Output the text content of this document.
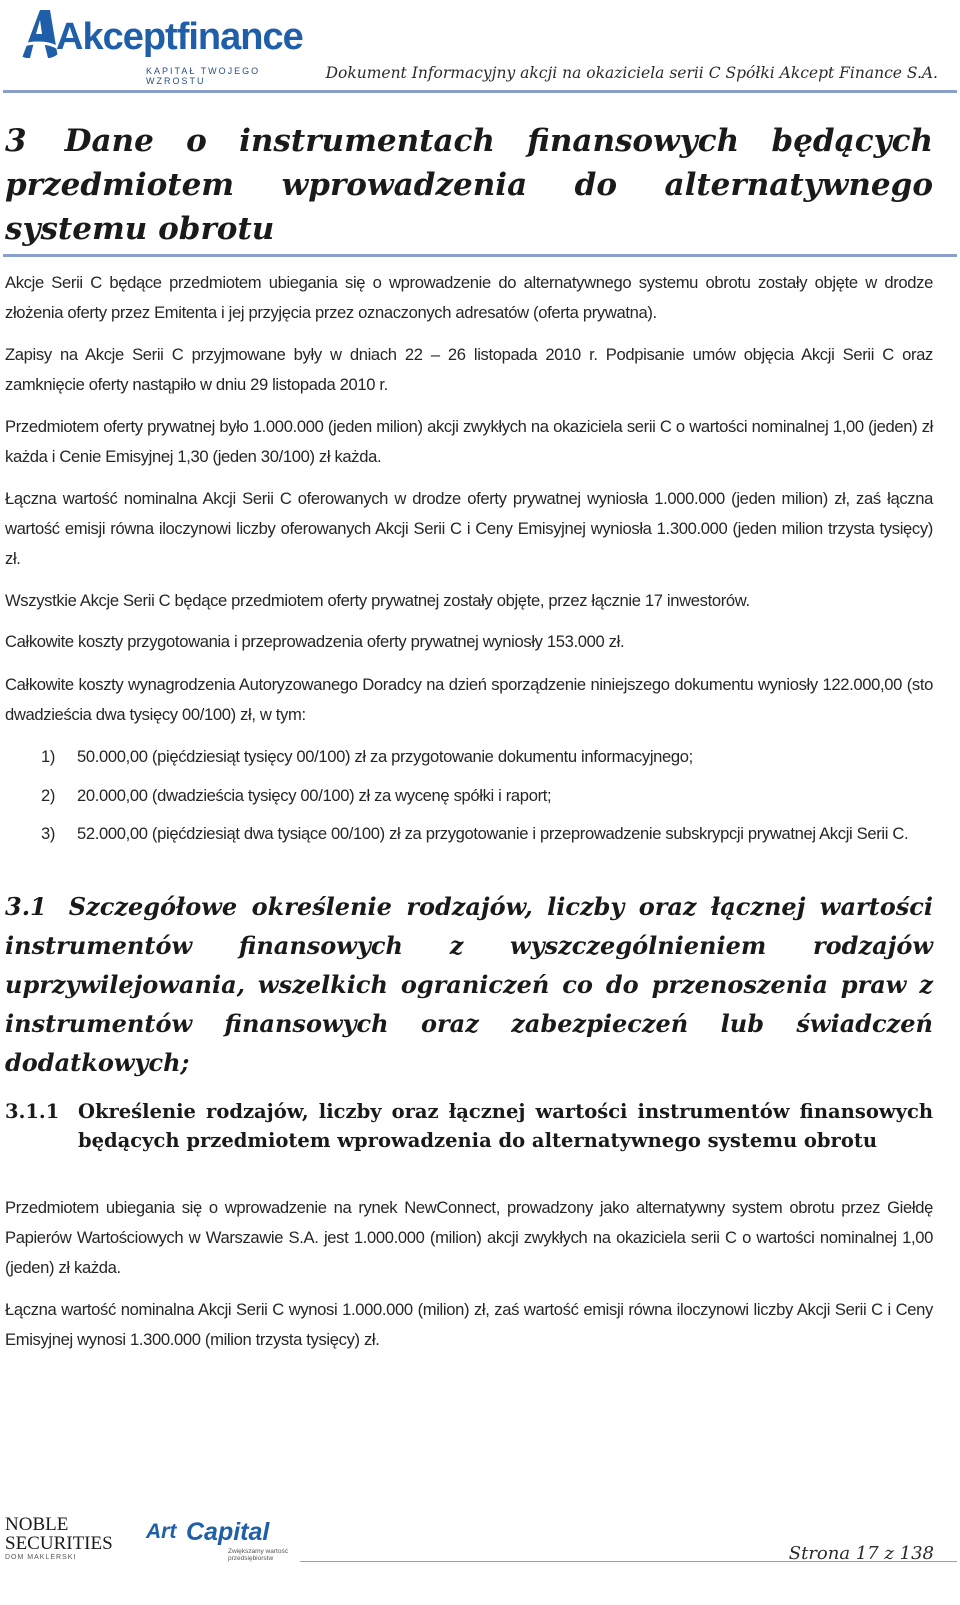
Akceptfinance
KAPITAŁ TWOJEGO WZROSTU	Dokument Informacyjny akcji na okaziciela serii C Spółki Akcept Finance S.A.
3 Dane o instrumentach finansowych będących przedmiotem wprowadzenia do alternatywnego systemu obrotu

Akcje Serii C będące przedmiotem ubiegania się o wprowadzenie do alternatywnego systemu obrotu zostały objęte w drodze złożenia oferty przez Emitenta i jej przyjęcia przez oznaczonych adresatów (oferta prywatna).

Zapisy na Akcje Serii C przyjmowane były w dniach 22 – 26 listopada 2010 r. Podpisanie umów objęcia Akcji Serii C oraz zamknięcie oferty nastąpiło w dniu 29 listopada 2010 r.

Przedmiotem oferty prywatnej było 1.000.000 (jeden milion) akcji zwykłych na okaziciela serii C o wartości nominalnej 1,00 (jeden) zł każda i Cenie Emisyjnej 1,30 (jeden 30/100) zł każda.

Łączna wartość nominalna Akcji Serii C oferowanych w drodze oferty prywatnej wyniosła 1.000.000 (jeden milion) zł, zaś łączna wartość emisji równa iloczynowi liczby oferowanych Akcji Serii C i Ceny Emisyjnej wyniosła 1.300.000 (jeden milion trzysta tysięcy) zł.

Wszystkie Akcje Serii C będące przedmiotem oferty prywatnej zostały objęte, przez łącznie 17 inwestorów.

Całkowite koszty przygotowania i przeprowadzenia oferty prywatnej wyniosły 153.000 zł.

Całkowite koszty wynagrodzenia Autoryzowanego Doradcy na dzień sporządzenie niniejszego dokumentu wyniosły 122.000,00 (sto dwadzieścia dwa tysięcy 00/100) zł, w tym:

1) 50.000,00 (pięćdziesiąt tysięcy 00/100) zł za przygotowanie dokumentu informacyjnego;
2) 20.000,00 (dwadzieścia tysięcy 00/100) zł za wycenę spółki i raport;
3) 52.000,00 (pięćdziesiąt dwa tysiące 00/100) zł za przygotowanie i przeprowadzenie subskrypcji prywatnej Akcji Serii C.
3.1 Szczegółowe określenie rodzajów, liczby oraz łącznej wartości instrumentów finansowych z wyszczególnieniem rodzajów uprzywilejowania, wszelkich ograniczeń co do przenoszenia praw z instrumentów finansowych oraz zabezpieczeń lub świadczeń dodatkowych;
3.1.1 Określenie rodzajów, liczby oraz łącznej wartości instrumentów finansowych będących przedmiotem wprowadzenia do alternatywnego systemu obrotu

Przedmiotem ubiegania się o wprowadzenie na rynek NewConnect, prowadzony jako alternatywny system obrotu przez Giełdę Papierów Wartościowych w Warszawie S.A. jest 1.000.000 (milion) akcji zwykłych na okaziciela serii C o wartości nominalnej 1,00 (jeden) zł każda.

Łączna wartość nominalna Akcji Serii C wynosi 1.000.000 (milion) zł, zaś wartość emisji równa iloczynowi liczby Akcji Serii C i Ceny Emisyjnej wynosi 1.300.000 (milion trzysta tysięcy) zł.

NOBLE
SECURITIES
DOM MAKLERSKI
Art Capital
Zwiększamy wartość przedsiębiorstw	Strona 17 z 138
